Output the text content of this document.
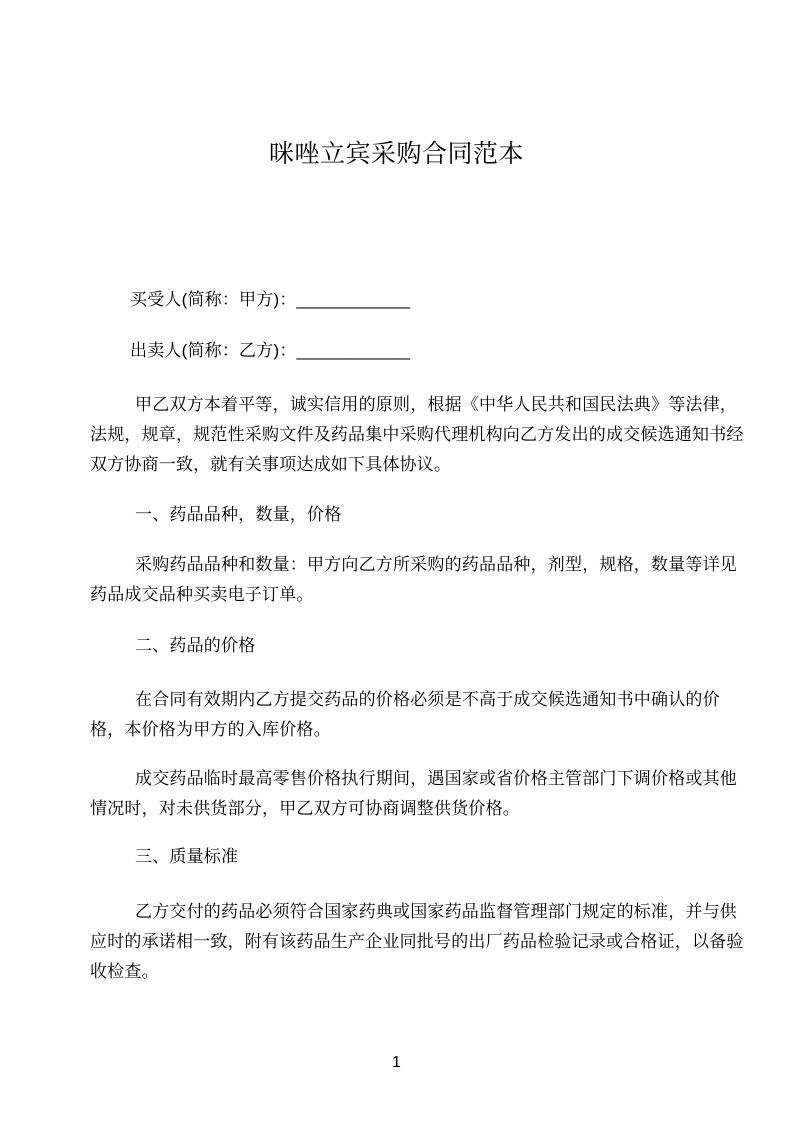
咪唑立宾采购合同范本

买受人(简称：甲方)：____________

出卖人(简称：乙方)：____________

甲乙双方本着平等，诚实信用的原则，根据《中华人民共和国民法典》等法律，法规，规章，规范性采购文件及药品集中采购代理机构向乙方发出的成交候选通知书经双方协商一致，就有关事项达成如下具体协议。

一、药品品种，数量，价格

采购药品品种和数量：甲方向乙方所采购的药品品种，剂型，规格，数量等详见药品成交品种买卖电子订单。

二、药品的价格

在合同有效期内乙方提交药品的价格必须是不高于成交候选通知书中确认的价格，本价格为甲方的入库价格。

成交药品临时最高零售价格执行期间，遇国家或省价格主管部门下调价格或其他情况时，对未供货部分，甲乙双方可协商调整供货价格。

三、质量标准

乙方交付的药品必须符合国家药典或国家药品监督管理部门规定的标准，并与供应时的承诺相一致，附有该药品生产企业同批号的出厂药品检验记录或合格证，以备验收检查。

1
